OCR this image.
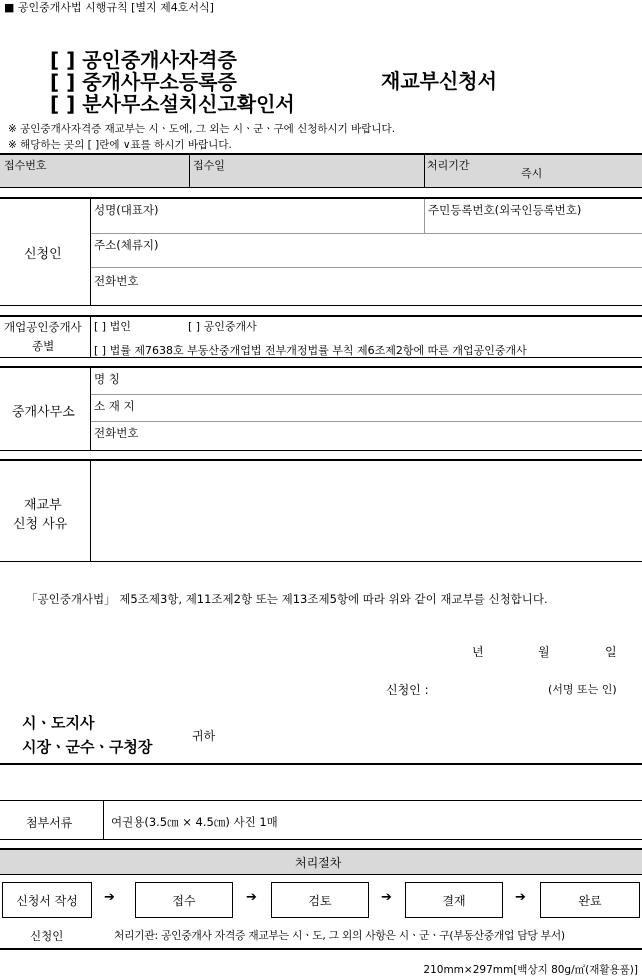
■ 공인중개사법 시행규칙 [별지 제4호서식]
[ ] 공인중개사자격증
[ ] 중개사무소등록증
[ ] 분사무소설치신고확인서
재교부신청서
※ 공인중개사자격증 재교부는 시ㆍ도에, 그 외는 시ㆍ군ㆍ구에 신청하시기 바랍니다.
※ 해당하는 곳의 [ ]란에 ∨표를 하시기 바랍니다.
접수번호	접수일	처리기간
즉시
신청인
성명(대표자)	주민등록번호(외국인등록번호)
주소(체류지)
전화번호
개업공인중개사
종별
[ ] 법인	[ ] 공인중개사
[ ] 법률 제7638호 부동산중개업법 전부개정법률 부칙 제6조제2항에 따른 개업공인중개사
중개사무소
명 칭
소 재 지
전화번호
재교부
신청 사유
「공인중개사법」 제5조제3항, 제11조제2항 또는 제13조제5항에 따라 위와 같이 재교부를 신청합니다.
년	월	일
신청인 :	(서명 또는 인)
시ㆍ도지사
시장ㆍ군수ㆍ구청장
귀하
첨부서류	여권용(3.5㎝ × 4.5㎝) 사진 1매
처리절차
신청서 작성	➔	접수	➔	검토	➔	결재	➔	완료
신청인	처리기관: 공인중개사 자격증 재교부는 시ㆍ도, 그 외의 사항은 시ㆍ군ㆍ구(부동산중개업 담당 부서)
210mm×297mm[백상지 80g/㎡(재활용품)]
